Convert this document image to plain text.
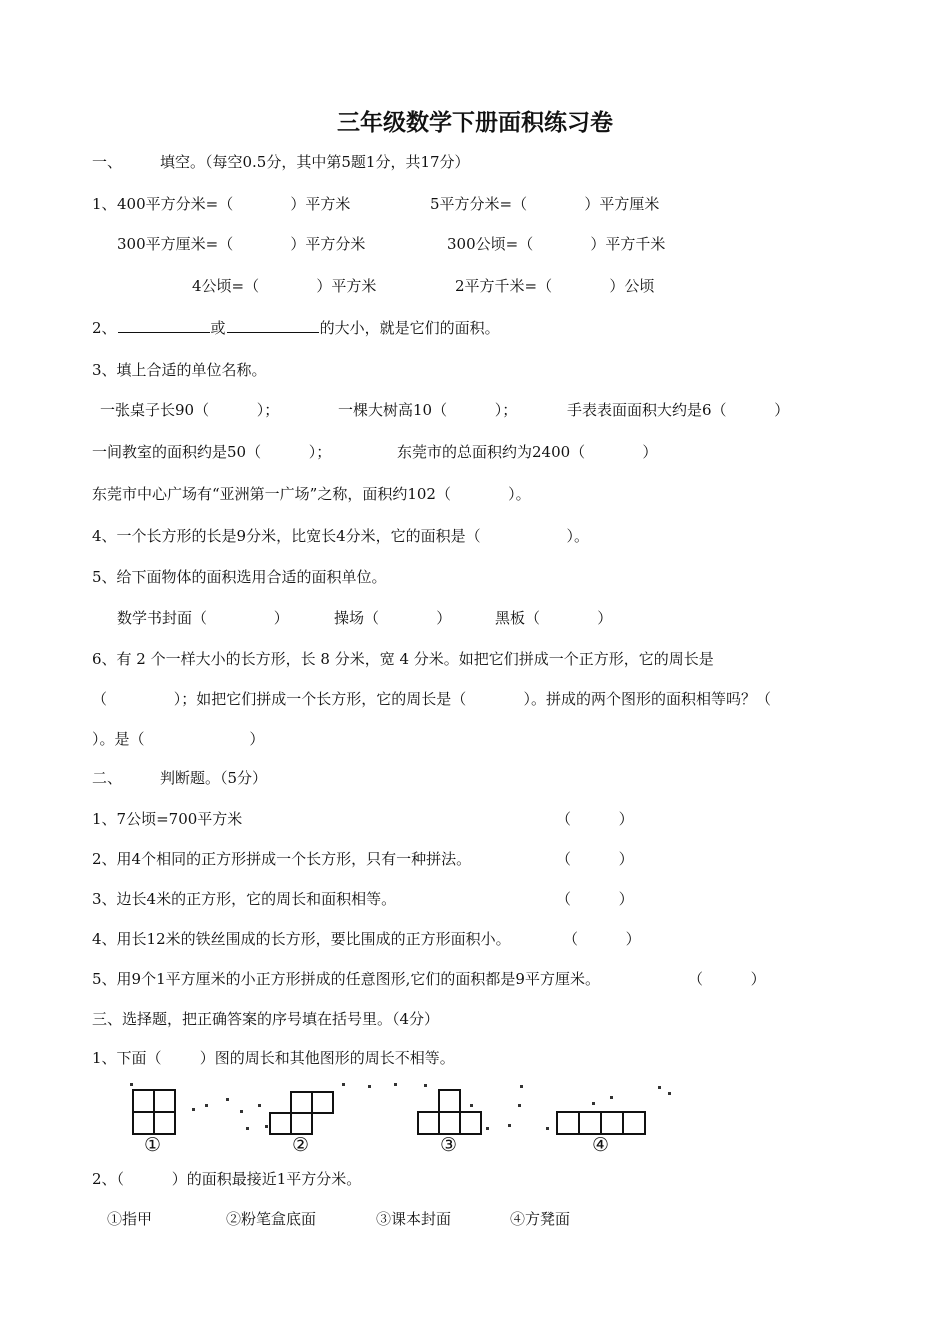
三年级数学下册面积练习卷
一、	填空。（每空0.5分，其中第5题1分，共17分）
1、 400平方分米=（            ）平方米	5平方分米=（            ）平方厘米
300平方厘米=（            ）平方分米	300公顷=（            ）平方千米
4公顷=（            ）平方米	2平方千米=（            ）公顷
2、	或	的大小，就是它们的面积。
3、填上合适的单位名称。
一张桌子长90（          ）；	一棵大树高10（          ）；	手表表面面积大约是6（          ）
一间教室的面积约是50（          ）；	东莞市的总面积约为2400（            ）
东莞市中心广场有“亚洲第一广场”之称，面积约102（            ）。
4、一个长方形的长是9分米，比宽长4分米，它的面积是（                  ）。
5、给下面物体的面积选用合适的面积单位。
数学书封面（              ）	操场（            ）	黑板（            ）
6、有 2 个一样大小的长方形，长 8 分米，宽 4 分米。如把它们拼成一个正方形，它的周长是
（              ）；如把它们拼成一个长方形，它的周长是（            ）。拼成的两个图形的面积相等吗？（
）。是（                      ）
二、	判断题。（5分）
1、7公顷=700平方米	（          ）
2、用4个相同的正方形拼成一个长方形，只有一种拼法。	（          ）
3、边长4米的正方形，它的周长和面积相等。	（          ）
4、用长12米的铁丝围成的长方形，要比围成的正方形面积小。	（          ）
5、用9个1平方厘米的小正方形拼成的任意图形,它们的面积都是9平方厘米。	（          ）
三、选择题，把正确答案的序号填在括号里。（4分）
1、下面（        ）图的周长和其他图形的周长不相等。
①	②	③	④
2、（          ）的面积最接近1平方分米。
①指甲	②粉笔盒底面	③课本封面	④方凳面
